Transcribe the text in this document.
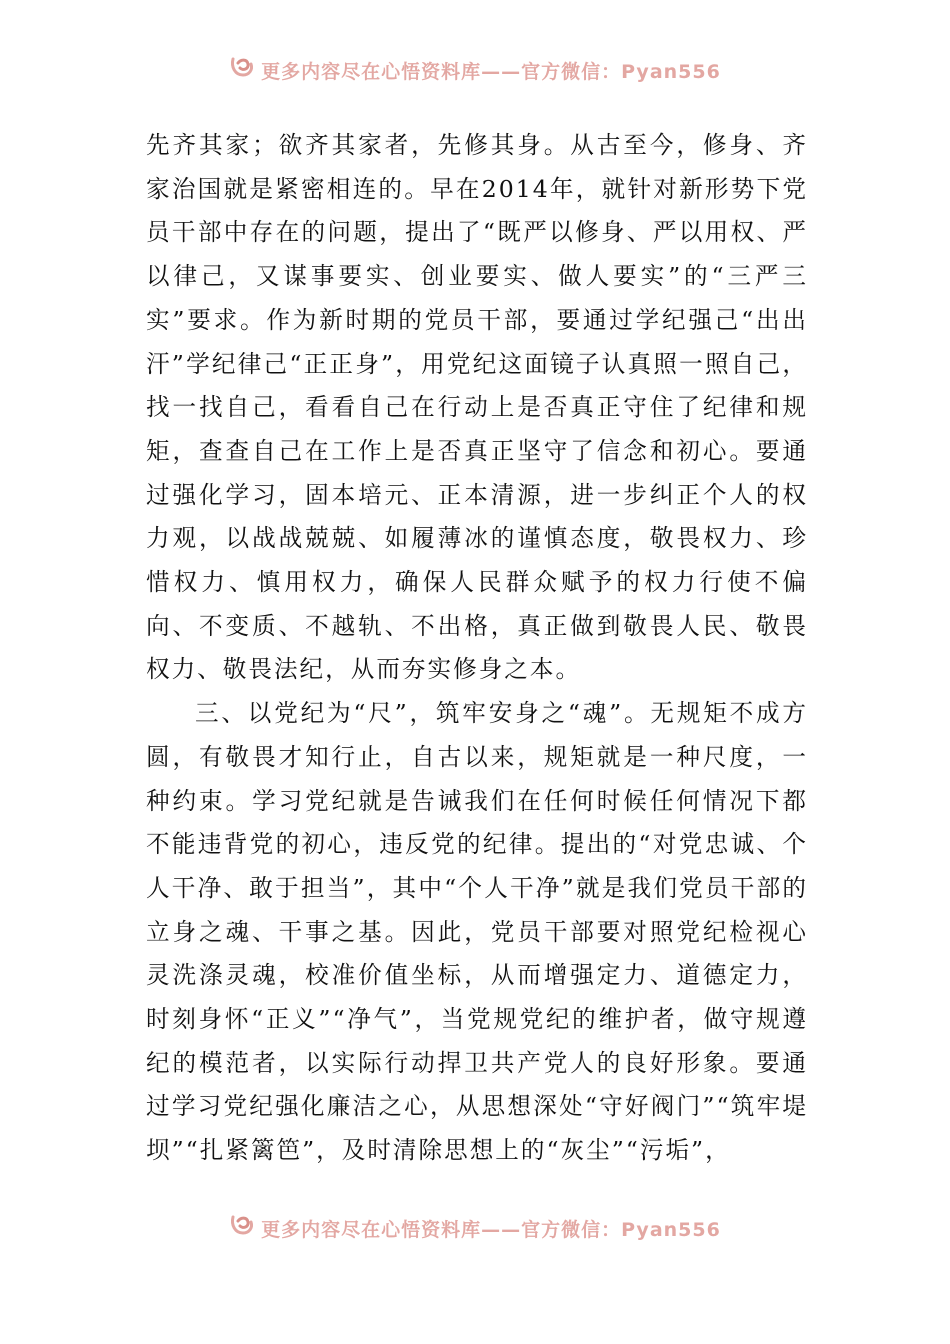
更多内容尽在心悟资料库——官方微信：Pyan556

先齐其家；欲齐其家者，先修其身。从古至今，修身、齐家治国就是紧密相连的。早在2014年，就针对新形势下党员干部中存在的问题，提出了“既严以修身、严以用权、严以律己，又谋事要实、创业要实、做人要实”的“三严三实”要求。作为新时期的党员干部，要通过学纪强己“出出汗”学纪律己“正正身”，用党纪这面镜子认真照一照自己，找一找自己，看看自己在行动上是否真正守住了纪律和规矩，查查自己在工作上是否真正坚守了信念和初心。要通过强化学习，固本培元、正本清源，进一步纠正个人的权力观，以战战兢兢、如履薄冰的谨慎态度，敬畏权力、珍惜权力、慎用权力，确保人民群众赋予的权力行使不偏向、不变质、不越轨、不出格，真正做到敬畏人民、敬畏权力、敬畏法纪，从而夯实修身之本。

三、以党纪为“尺”，筑牢安身之“魂”。无规矩不成方圆，有敬畏才知行止，自古以来，规矩就是一种尺度，一种约束。学习党纪就是告诫我们在任何时候任何情况下都不能违背党的初心，违反党的纪律。提出的“对党忠诚、个人干净、敢于担当”，其中“个人干净”就是我们党员干部的立身之魂、干事之基。因此，党员干部要对照党纪检视心灵洗涤灵魂，校准价值坐标，从而增强定力、道德定力，时刻身怀“正义”“净气”，当党规党纪的维护者，做守规遵纪的模范者，以实际行动捍卫共产党人的良好形象。要通过学习党纪强化廉洁之心，从思想深处“守好阀门”“筑牢堤坝”“扎紧篱笆”，及时清除思想上的“灰尘”“污垢”，

更多内容尽在心悟资料库——官方微信：Pyan556
